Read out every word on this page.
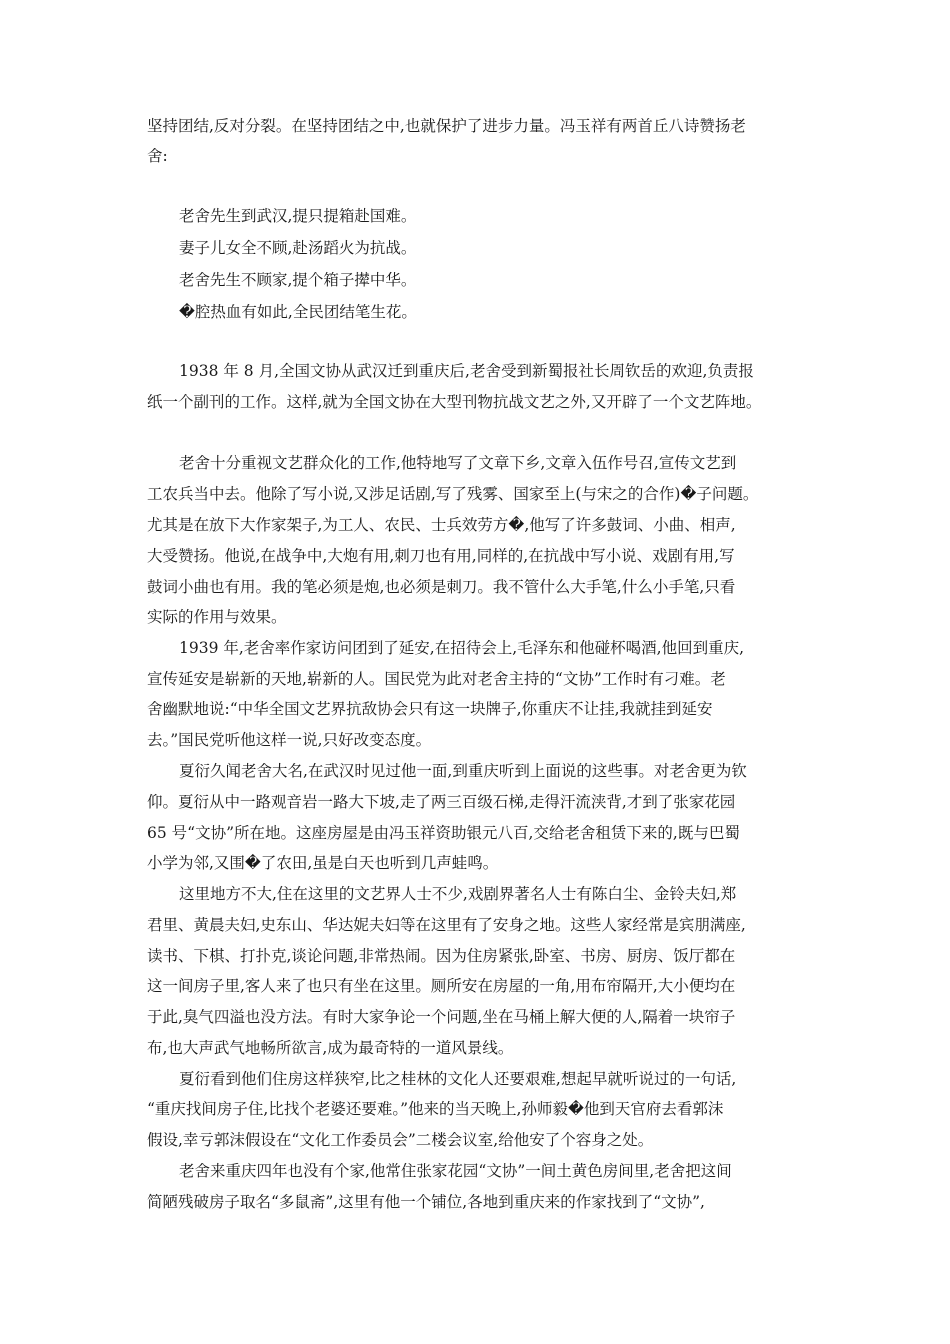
坚持团结,反对分裂。在坚持团结之中,也就保护了进步力量。冯玉祥有两首丘八诗赞扬老
舍:
老舍先生到武汉,提只提箱赴国难。
妻子儿女全不顾,赴汤蹈火为抗战。
老舍先生不顾家,提个箱子撵中华。
�腔热血有如此,全民团结笔生花。
1938 年 8 月,全国文协从武汉迁到重庆后,老舍受到新蜀报社长周钦岳的欢迎,负责报
纸一个副刊的工作。这样,就为全国文协在大型刊物抗战文艺之外,又开辟了一个文艺阵地。
老舍十分重视文艺群众化的工作,他特地写了文章下乡,文章入伍作号召,宣传文艺到
工农兵当中去。他除了写小说,又涉足话剧,写了残雾、国家至上(与宋之的合作)�子问题。
尤其是在放下大作家架子,为工人、农民、士兵效劳方�,他写了许多鼓词、小曲、相声,
大受赞扬。他说,在战争中,大炮有用,刺刀也有用,同样的,在抗战中写小说、戏剧有用,写
鼓词小曲也有用。我的笔必须是炮,也必须是刺刀。我不管什么大手笔,什么小手笔,只看
实际的作用与效果。
1939 年,老舍率作家访问团到了延安,在招待会上,毛泽东和他碰杯喝酒,他回到重庆,
宣传延安是崭新的天地,崭新的人。国民党为此对老舍主持的“文协”工作时有刁难。老
舍幽默地说:“中华全国文艺界抗敌协会只有这一块牌子,你重庆不让挂,我就挂到延安
去。”国民党听他这样一说,只好改变态度。
夏衍久闻老舍大名,在武汉时见过他一面,到重庆听到上面说的这些事。对老舍更为钦
仰。夏衍从中一路观音岩一路大下坡,走了两三百级石梯,走得汗流浃背,才到了张家花园
65 号“文协”所在地。这座房屋是由冯玉祥资助银元八百,交给老舍租赁下来的,既与巴蜀
小学为邻,又围�了农田,虽是白天也听到几声蛙鸣。
这里地方不大,住在这里的文艺界人士不少,戏剧界著名人士有陈白尘、金铃夫妇,郑
君里、黄晨夫妇,史东山、华达妮夫妇等在这里有了安身之地。这些人家经常是宾朋满座,
读书、下棋、打扑克,谈论问题,非常热闹。因为住房紧张,卧室、书房、厨房、饭厅都在
这一间房子里,客人来了也只有坐在这里。厕所安在房屋的一角,用布帘隔开,大小便均在
于此,臭气四溢也没方法。有时大家争论一个问题,坐在马桶上解大便的人,隔着一块帘子
布,也大声武气地畅所欲言,成为最奇特的一道风景线。
夏衍看到他们住房这样狭窄,比之桂林的文化人还要艰难,想起早就听说过的一句话,
“重庆找间房子住,比找个老婆还要难。”他来的当天晚上,孙师毅�他到天官府去看郭沫
假设,幸亏郭沫假设在“文化工作委员会”二楼会议室,给他安了个容身之处。
老舍来重庆四年也没有个家,他常住张家花园“文协”一间土黄色房间里,老舍把这间
简陋残破房子取名“多鼠斋”,这里有他一个铺位,各地到重庆来的作家找到了“文协”,
